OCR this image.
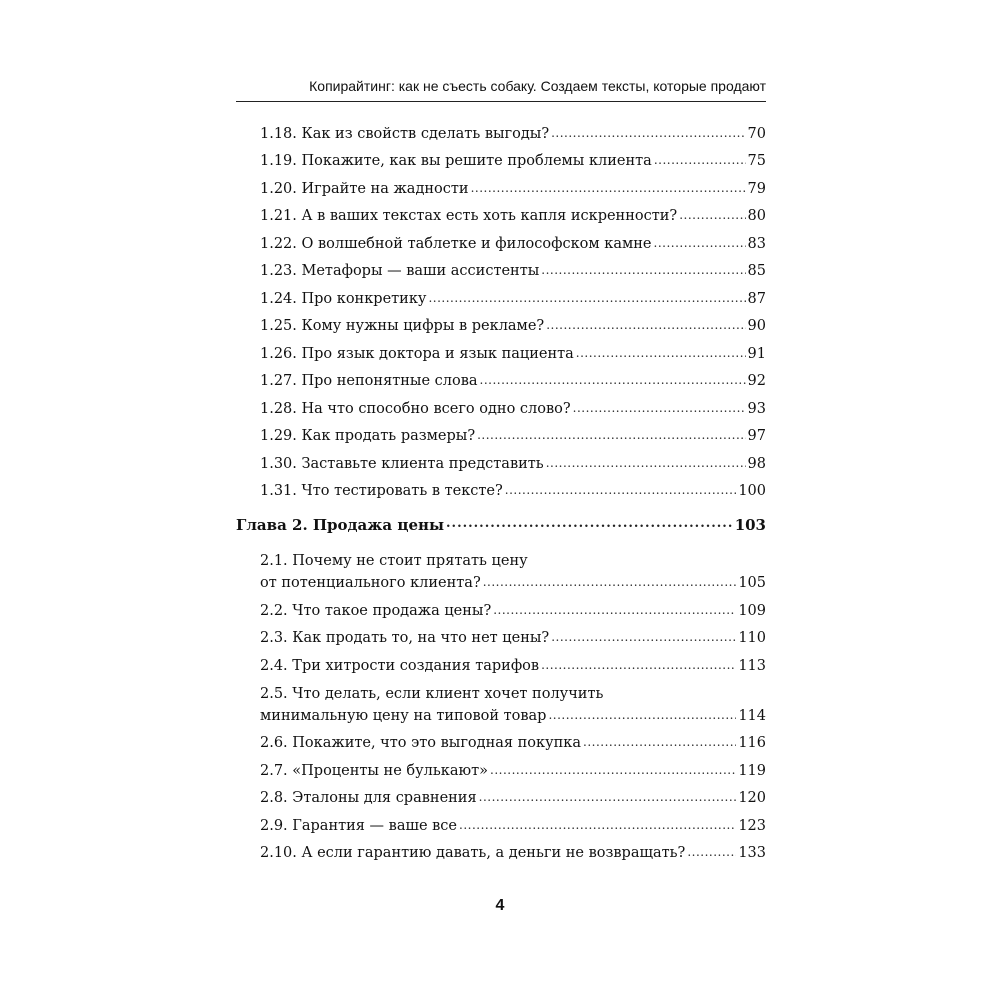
Копирайтинг: как не съесть собаку. Создаем тексты, которые продают
1.18. Как из свойств сделать выгоды? .....	70
1.19. Покажите, как вы решите проблемы клиента .....	75
1.20. Играйте на жадности .....	79
1.21. А в ваших текстах есть хоть капля искренности? .....	80
1.22. О волшебной таблетке и философском камне .....	83
1.23. Метафоры — ваши ассистенты .....	85
1.24. Про конкретику .....	87
1.25. Кому нужны цифры в рекламе? .....	90
1.26. Про язык доктора и язык пациента .....	91
1.27. Про непонятные слова .....	92
1.28. На что способно всего одно слово? .....	93
1.29. Как продать размеры? .....	97
1.30. Заставьте клиента представить .....	98
1.31. Что тестировать в тексте? .....	100
Глава 2. Продажа цены .....	103
2.1. Почему не стоит прятать цену
от потенциального клиента? .....	105
2.2. Что такое продажа цены? .....	109
2.3. Как продать то, на что нет цены? .....	110
2.4. Три хитрости создания тарифов .....	113
2.5. Что делать, если клиент хочет получить
минимальную цену на типовой товар .....	114
2.6. Покажите, что это выгодная покупка .....	116
2.7. «Проценты не булькают» .....	119
2.8. Эталоны для сравнения .....	120
2.9. Гарантия — ваше все .....	123
2.10. А если гарантию давать, а деньги не возвращать? .....	133
4
